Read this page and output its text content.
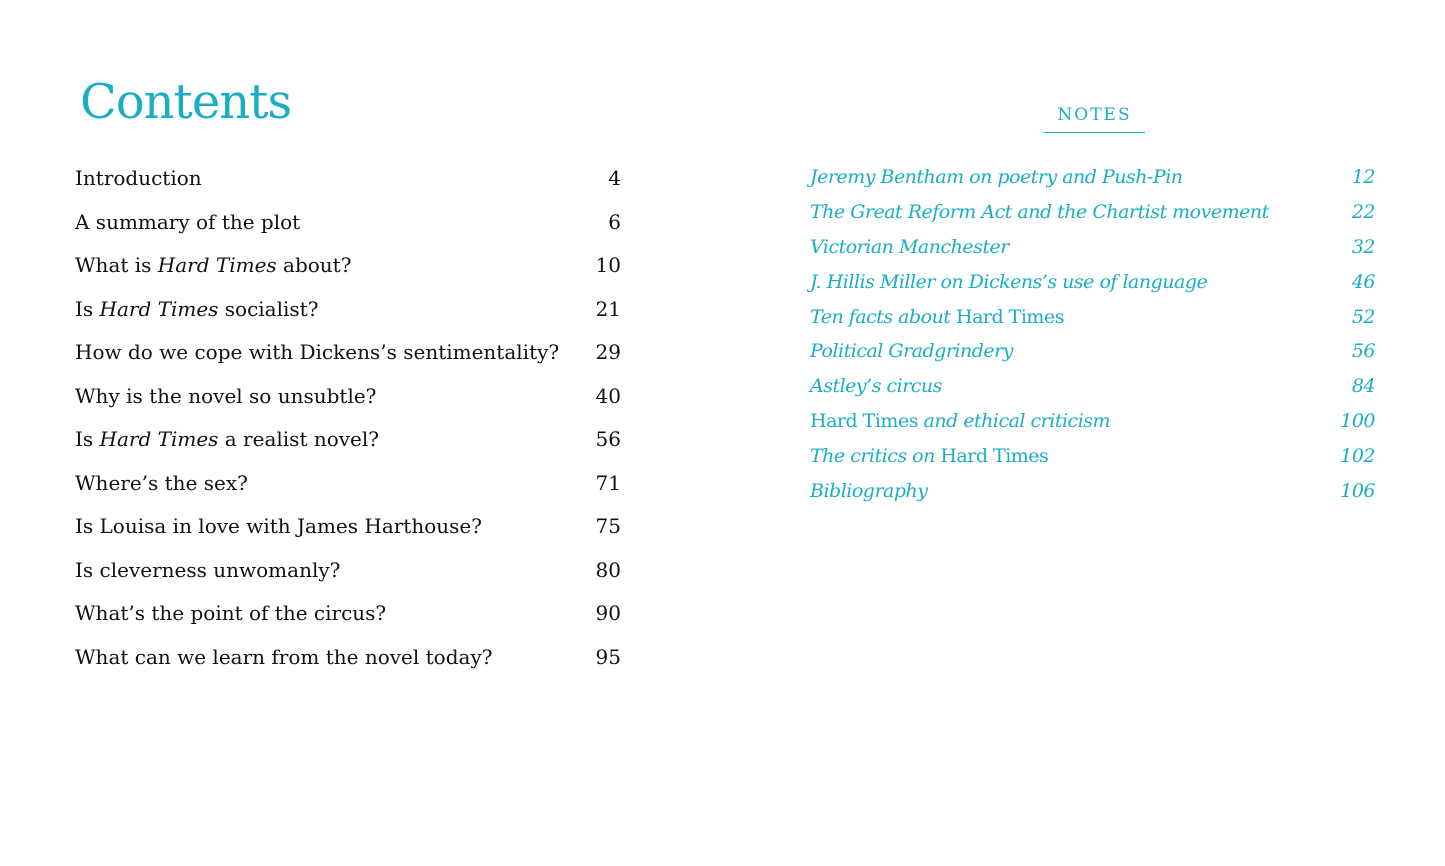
Contents
Introduction	4
A summary of the plot	6
What is Hard Times about?	10
Is Hard Times socialist?	21
How do we cope with Dickens’s sentimentality? 29
Why is the novel so unsubtle?	40
Is Hard Times a realist novel?	56
Where’s the sex?	71
Is Louisa in love with James Harthouse?	75
Is cleverness unwomanly?	80
What’s the point of the circus?	90
What can we learn from the novel today?	95
NOTES
Jeremy Bentham on poetry and Push-Pin	12
The Great Reform Act and the Chartist movement	22
Victorian Manchester	32
J. Hillis Miller on Dickens’s use of language	46
Ten facts about Hard Times	52
Political Gradgrindery	56
Astley’s circus	84
Hard Times and ethical criticism	100
The critics on Hard Times	102
Bibliography	106
